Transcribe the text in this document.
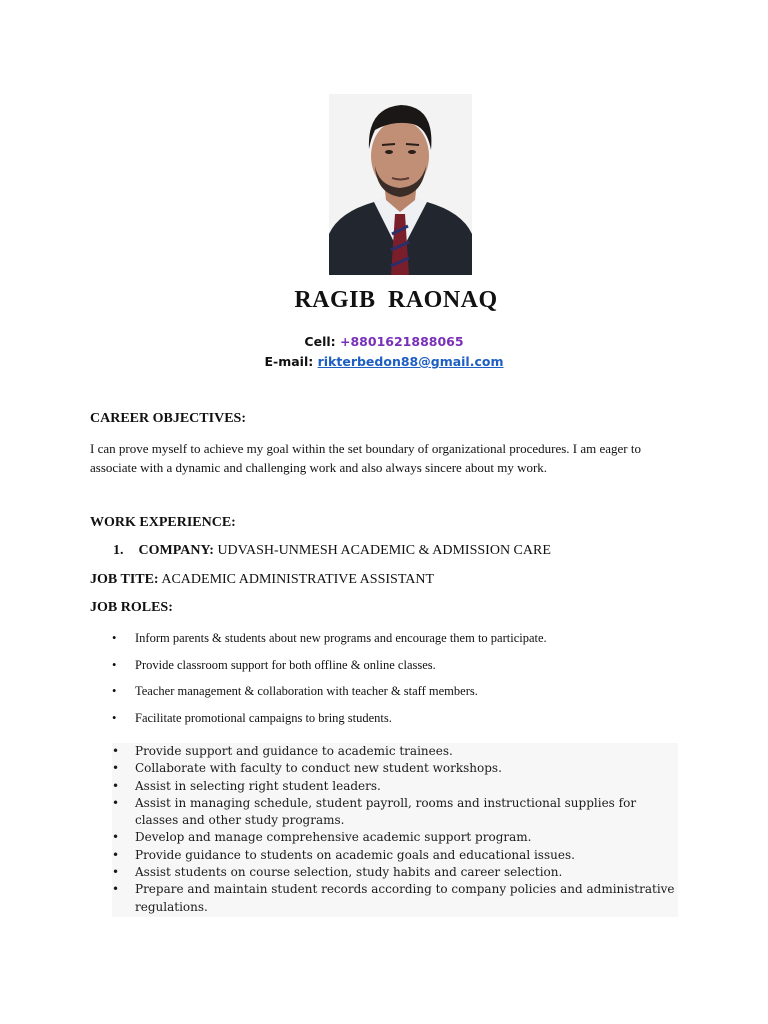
RAGIB RAONAQ
Cell: +8801621888065
E-mail: rikterbedon88@gmail.com
CAREER OBJECTIVES:
I can prove myself to achieve my goal within the set boundary of organizational procedures. I am eager to associate with a dynamic and challenging work and also always sincere about my work.
WORK EXPERIENCE:
1. COMPANY: UDVASH-UNMESH ACADEMIC & ADMISSION CARE
JOB TITE: ACADEMIC ADMINISTRATIVE ASSISTANT
JOB ROLES:
• Inform parents & students about new programs and encourage them to participate.
• Provide classroom support for both offline & online classes.
• Teacher management & collaboration with teacher & staff members.
• Facilitate promotional campaigns to bring students.
• Provide support and guidance to academic trainees.
• Collaborate with faculty to conduct new student workshops.
• Assist in selecting right student leaders.
• Assist in managing schedule, student payroll, rooms and instructional supplies for classes and other study programs.
• Develop and manage comprehensive academic support program.
• Provide guidance to students on academic goals and educational issues.
• Assist students on course selection, study habits and career selection.
• Prepare and maintain student records according to company policies and administrative regulations.
